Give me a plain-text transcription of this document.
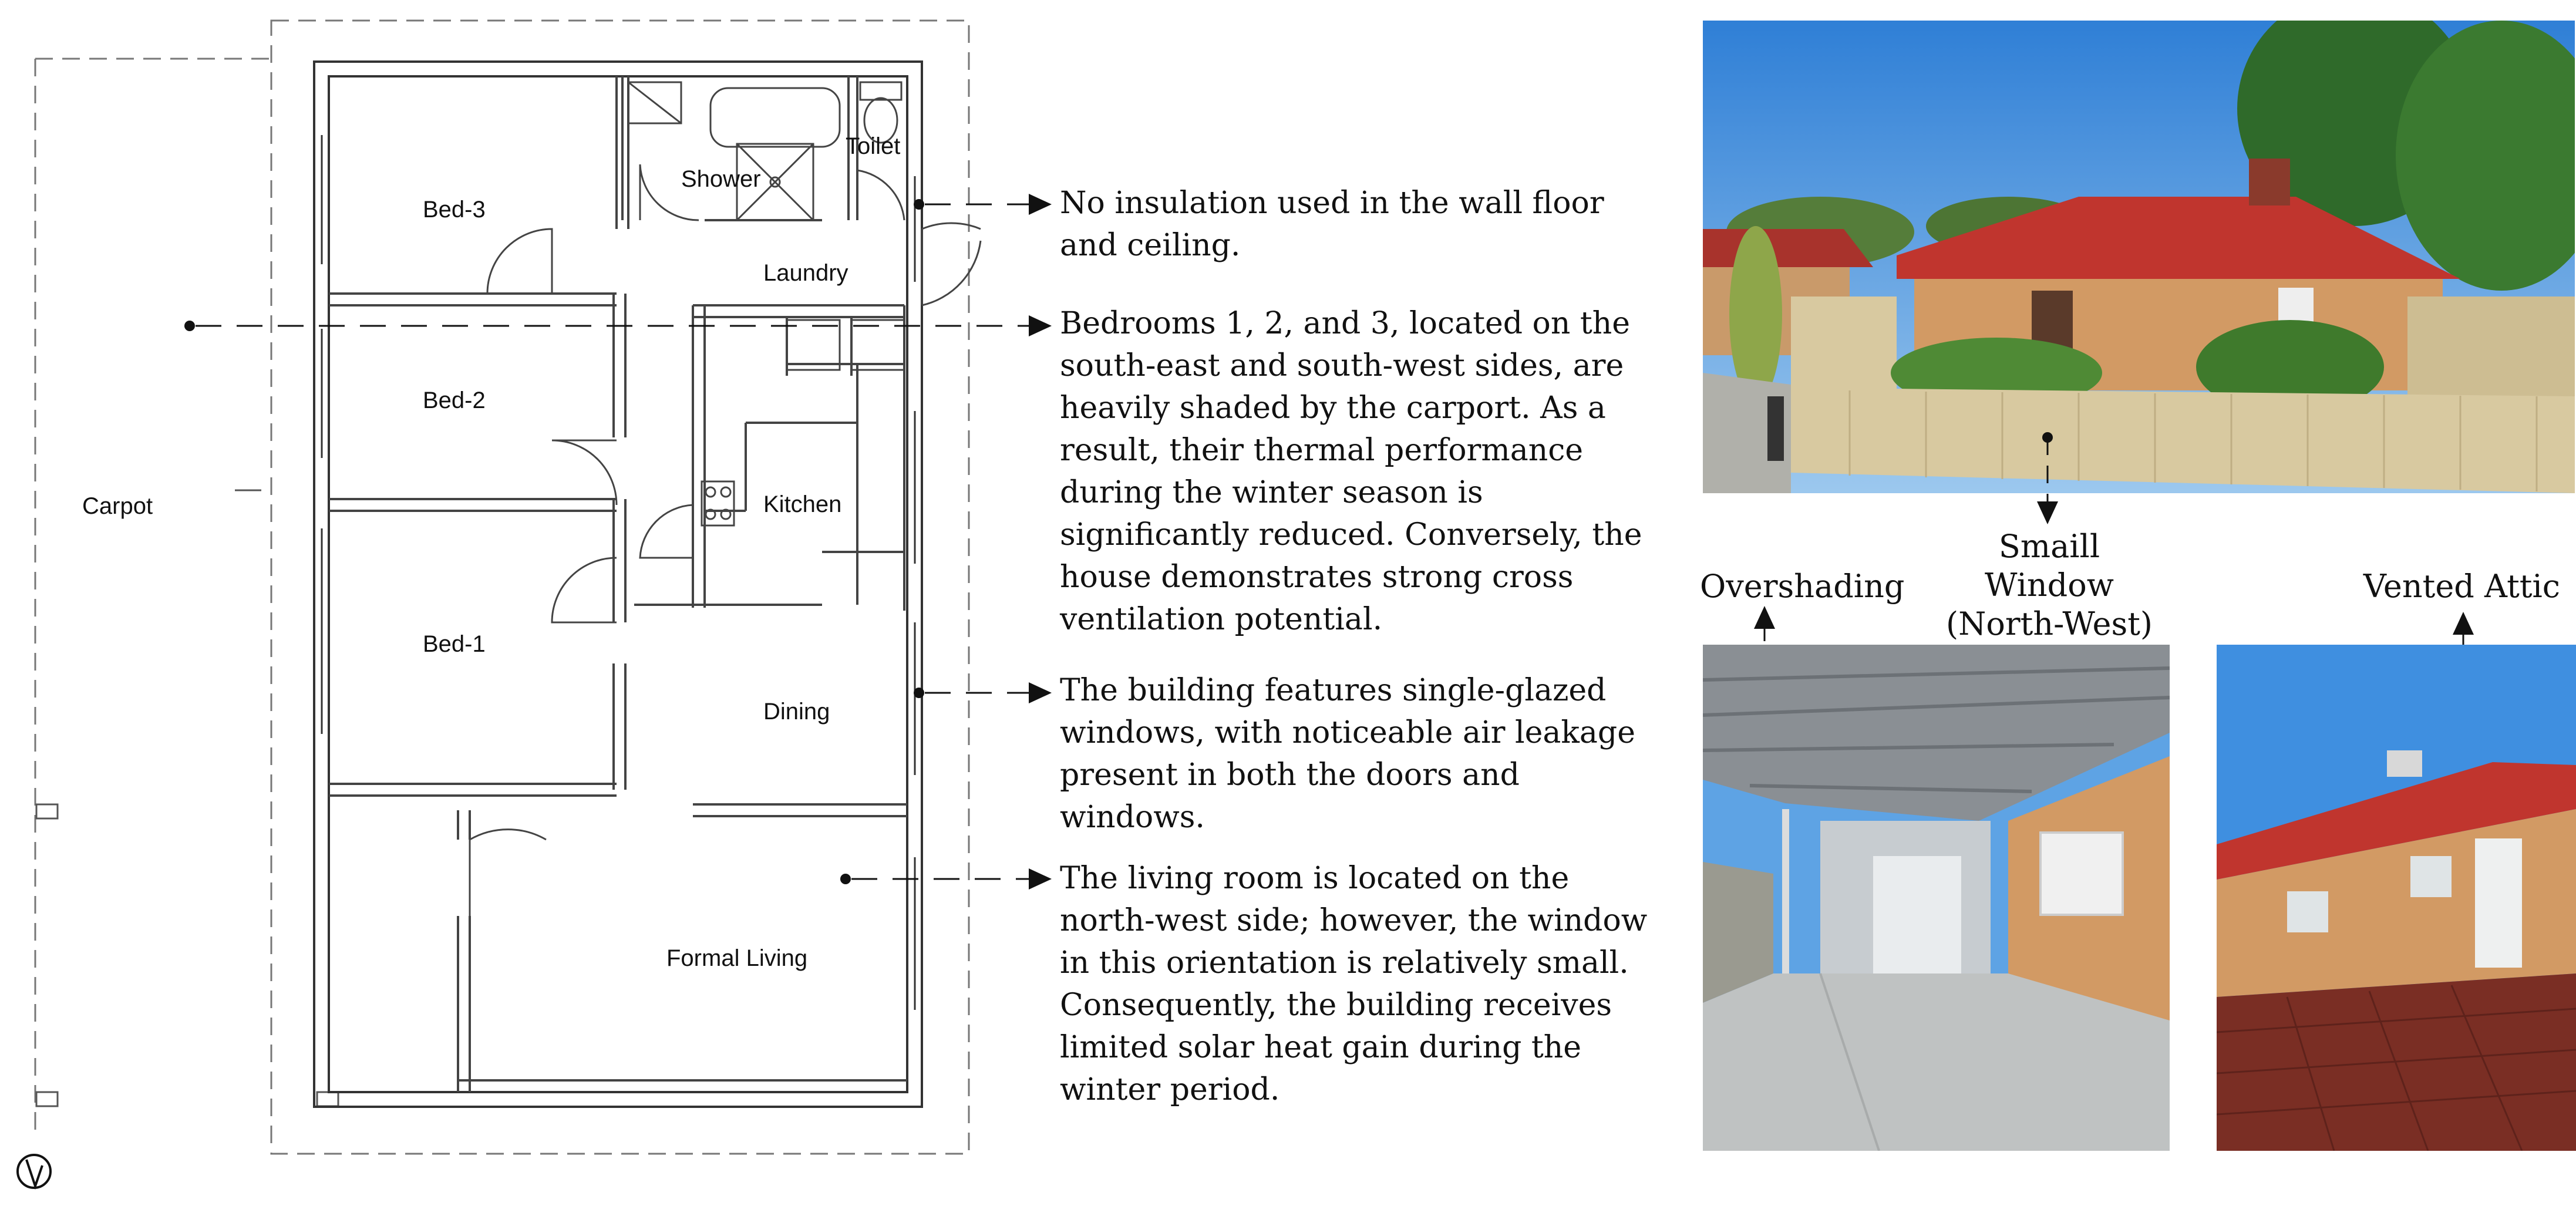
Bed-3
Bed-2
Bed-1
Shower
Toilet
Laundry
Kitchen
Dining
Formal Living
Carpot

No insulation used in the wall floor and ceiling.

Bedrooms 1, 2, and 3, located on the south-east and south-west sides, are heavily shaded by the carport. As a result, their thermal performance during the winter season is significantly reduced. Conversely, the house demonstrates strong cross ventilation potential.

The building features single-glazed windows, with noticeable air leakage present in both the doors and windows.

The living room is located on the north-west side; however, the window in this orientation is relatively small. Consequently, the building receives limited solar heat gain during the winter period.

Smaill Window
(North-West)
Overshading	Vented Attic
